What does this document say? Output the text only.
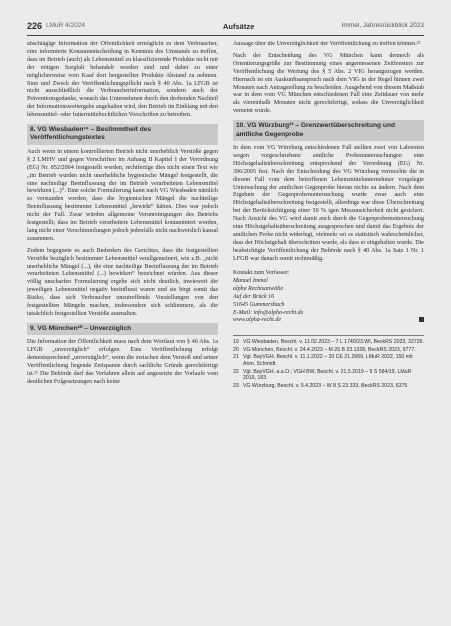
226 LMuR 4/2024	Aufsätze	Immel, Jahresrückblick 2023

abschlägige Information der Öffentlichkeit ermöglicht es dem Verbraucher, eine informierte Konsumentscheidung in Kenntnis des Umstands zu treffen, dass im Betrieb (auch) als Lebensmittel zu klassifizierende Produkte nicht mit der nötigen Sorgfalt behandelt worden sind und dabei zu einer möglicherweise vom Kauf dort hergestellter Produkte Abstand zu nehmen. Sinn und Zweck der Veröffentlichungspflicht nach § 40 Abs. 1a LFGB ist nicht ausschließlich die Verbraucherinformation, sondern auch der Präventionsgedanke, wonach das Unternehmen durch den drohenden Nachteil der Informationsweitergabe angehalten wird, den Betrieb im Einklang mit den lebensmittel- oder futtermittelrechtlichen Vorschriften zu betreiben.

8. VG Wiesbaden¹⁹ – Bestimmtheit des Veröffentlichungstextes

Auch wenn in einem kontrollierten Betrieb nicht unerheblich Verstöße gegen § 2 LMHV und gegen Vorschriften im Anhang II Kapitel I der Verordnung (EG) Nr. 852/2004 festgestellt werden, rechtfertige dies nicht einen Text wie „im Betrieb wurden nicht unerhebliche hygienische Mängel festgestellt, die eine nachteilige Beeinflussung der im Betrieb verarbeiteten Lebensmittel bewirkten (...)“. Eine solche Formulierung kann nach VG Wiesbaden nämlich so verstanden werden, dass die hygienischen Mängel die nachteilige Beeinflussung bestimmter Lebensmittel „bewirkt“ hätten. Dies war jedoch nicht der Fall. Zwar würden allgemeine Verunreinigungen des Betriebs festgestellt; dass im Betrieb verarbeitete Lebensmittel kontaminiert worden, lang nicht einer Verschimmlungen jedoch jedenfalls nicht nachweislich kausal zusammen.

Zudem begegnete es auch Bedenken des Gerichtes, dass die festgestellten Verstöße bezüglich bestimmter Lebensmittel verallgemeinert, wie z.B. „nicht unerhebliche Mängel (...), die eine nachteilige Beeinflussung der im Betrieb verarbeiteten Lebensmittel (...) bewirken“ bezeichnet würden. Aus dieser völlig unscharfen Formulierung ergebe sich nicht deutlich, inwieweit die jeweiligen Lebensmittel negativ beeinflusst waren und sie birgt somit das Risiko, dass sich Verbraucher unzutreffende Vorstellungen von den festgestellten Mängeln machen, insbesondere sich schlimmere, als die tatsächlich festgestellten Verstöße ausmalten.

9. VG München²⁰ – Unverzüglich

Die Information der Öffentlichkeit muss nach dem Wortlaut von § 40 Abs. 1a LFGB „unverzüglich“ erfolgen. Eine Veröffentlichung erfolgt dementsprechend „unverzüglich“, wenn die zwischen dem Verstoß und seiner Veröffentlichung liegende Zeitspanne durch sachliche Gründe gerechtfertigt ist.²¹ Die Behörde darf das Verfahren allein auf angesetzte der Vorlaufe vom deutlichen Folgesetzungen nach keine

Aussage über die Unverzüglichkeit der Veröffentlichung zu treffen können.²²

Nach der Entscheidung des VG München kann dennoch als Orientierungsgröße zur Bestimmung eines angemessenen Zeitfensters zur Veröffentlichung die Wertung des § 5 Abs. 2 VIG herangezogen werden. Hiernach ist ein Auskunftsanspruch nach dem VIG in der Regel binnen zwei Monaten nach Antragstellung zu bescheiden. Ausgehend von diesem Maßstab war in dem vom VG München entschiedenen Fall eine Zeitdauer von mehr als viereinhalb Monaten nicht gerechtfertigt, sodass die Unverzüglichkeit verneint wurde.

10. VG Würzburg²³ – Grenzwertüberschreitung und amtliche Gegenprobe

In dem vom VG Würzburg entschiedenen Fall stellten zwei von Laborsten wegen vorgeschriebene amtliche Probenuntersuchungen eine Höchstgehaltsüberschreitung entsprechend der Verordnung (EG) Nr. 396/2005 fest. Nach der Entscheidung des VG Würzburg vermochte die in diesem Fall vom dem betroffenen Lebensmittelunternehmer vorgelegte Untersuchung der amtlichen Gegenprobe hieran nichts zu ändern. Nach dem Ergebnis der Gegenprobenuntersuchung wurde zwar auch eine Höchstgehaltsüberschreitung festgestellt, allerdings war diese Überschreitung bei der Berücksichtigung einer 50 % igen Messunsicherheit nicht gesichert. Nach Ansicht des VG wird damit auch durch die Gegenprobenuntersuchung eine Höchstgehaltsüberschreitung ausgesprochen und damit das Ergebnis der amtlichen Probe nicht widerlegt, vielmehr sei es statistisch wahrscheinlicher, dass der Höchstgehalt überschritten wurde, als dass er eingehalten wurde. Die beabsichtigte Veröffentlichung der Behörde nach § 40 Abs. 1a Satz 1 Nr. 1 LFGB war danach somit rechtmäßig.

Kontakt zum Verfasser:
Manuel Immel
alpha Rechtsanwälte
Auf der Brück 16
51645 Gummersbach
E-Mail: info@alpha-recht.de
www.alpha-recht.de
19 VG Wiesbaden, Beschl. v. 11.02.2023 – 7 L 1740/23.WI, BeckRS 2023, 32726.
20 VG München, Beschl. v. 24.4.2023 – M 26 B 23.1328, BeckRS 2023, 9777.
21 Vgl. BayVGH, Beschl. v. 11.1.2022 – 20 CE 21.2669, LMuR 2022, 150 mit Anm. Schmidt.
22 Vgl. BayVGH, a.a.O.; VGH BW, Beschl. v. 21.5.2019 – 9 S 584/19, LMuR 2019, 183.
23 VG Würzburg, Beschl. v. 5.4.2023 – W 8 S 23.333, BeckRS 2023, 6375.
